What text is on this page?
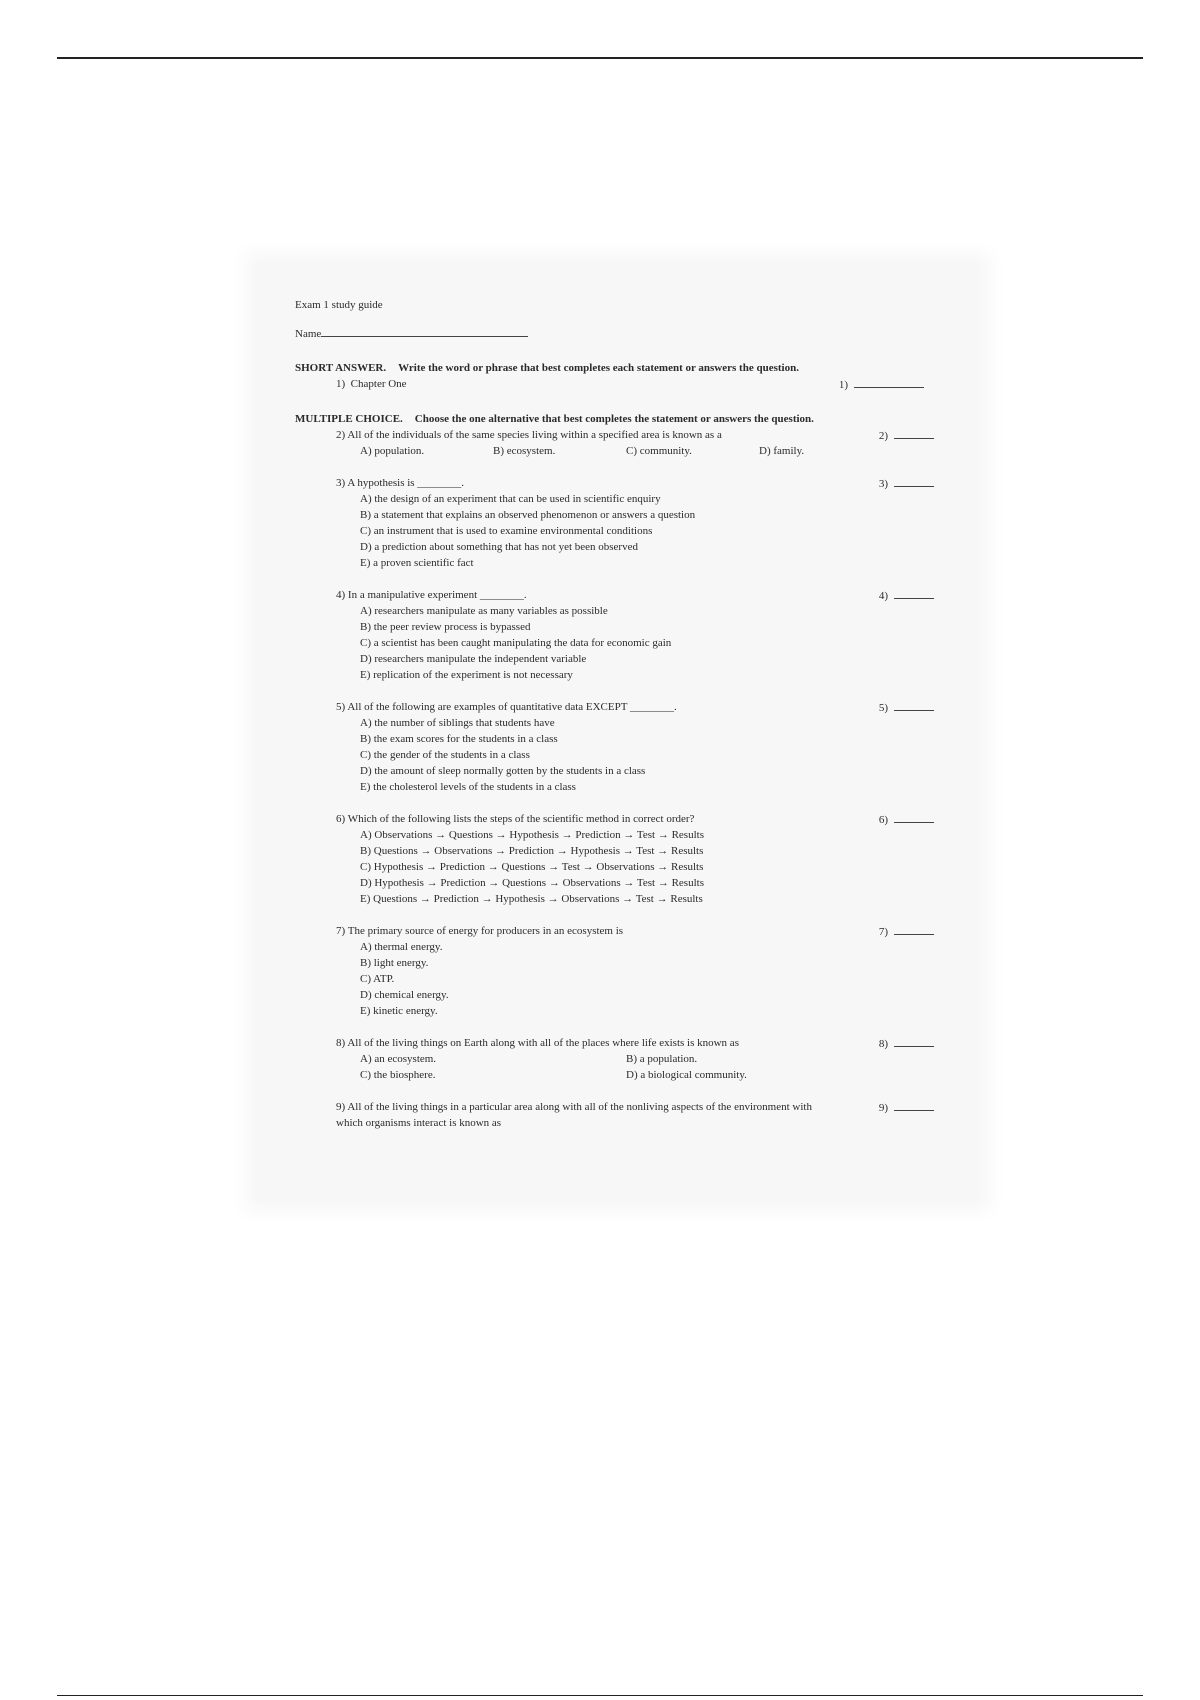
Exam 1 study guide
Name
SHORT ANSWER. Write the word or phrase that best completes each statement or answers the question.
1) Chapter One	1)
MULTIPLE CHOICE. Choose the one alternative that best completes the statement or answers the question.
2) All of the individuals of the same species living within a specified area is known as a	2)
A) population.	B) ecosystem.	C) community.	D) family.
3) A hypothesis is ________.	3)
A) the design of an experiment that can be used in scientific enquiry
B) a statement that explains an observed phenomenon or answers a question
C) an instrument that is used to examine environmental conditions
D) a prediction about something that has not yet been observed
E) a proven scientific fact
4) In a manipulative experiment ________.	4)
A) researchers manipulate as many variables as possible
B) the peer review process is bypassed
C) a scientist has been caught manipulating the data for economic gain
D) researchers manipulate the independent variable
E) replication of the experiment is not necessary
5) All of the following are examples of quantitative data EXCEPT ________.	5)
A) the number of siblings that students have
B) the exam scores for the students in a class
C) the gender of the students in a class
D) the amount of sleep normally gotten by the students in a class
E) the cholesterol levels of the students in a class
6) Which of the following lists the steps of the scientific method in correct order?	6)
A) Observations → Questions → Hypothesis → Prediction → Test → Results
B) Questions → Observations → Prediction → Hypothesis → Test → Results
C) Hypothesis → Prediction → Questions → Test → Observations → Results
D) Hypothesis → Prediction → Questions → Observations → Test → Results
E) Questions → Prediction → Hypothesis → Observations → Test → Results
7) The primary source of energy for producers in an ecosystem is	7)
A) thermal energy.
B) light energy.
C) ATP.
D) chemical energy.
E) kinetic energy.
8) All of the living things on Earth along with all of the places where life exists is known as	8)
A) an ecosystem.	B) a population.C) the biosphere.	D) a biological community.
9) All of the living things in a particular area along with all of the nonliving aspects of the environment with which organisms interact is known as
9)
